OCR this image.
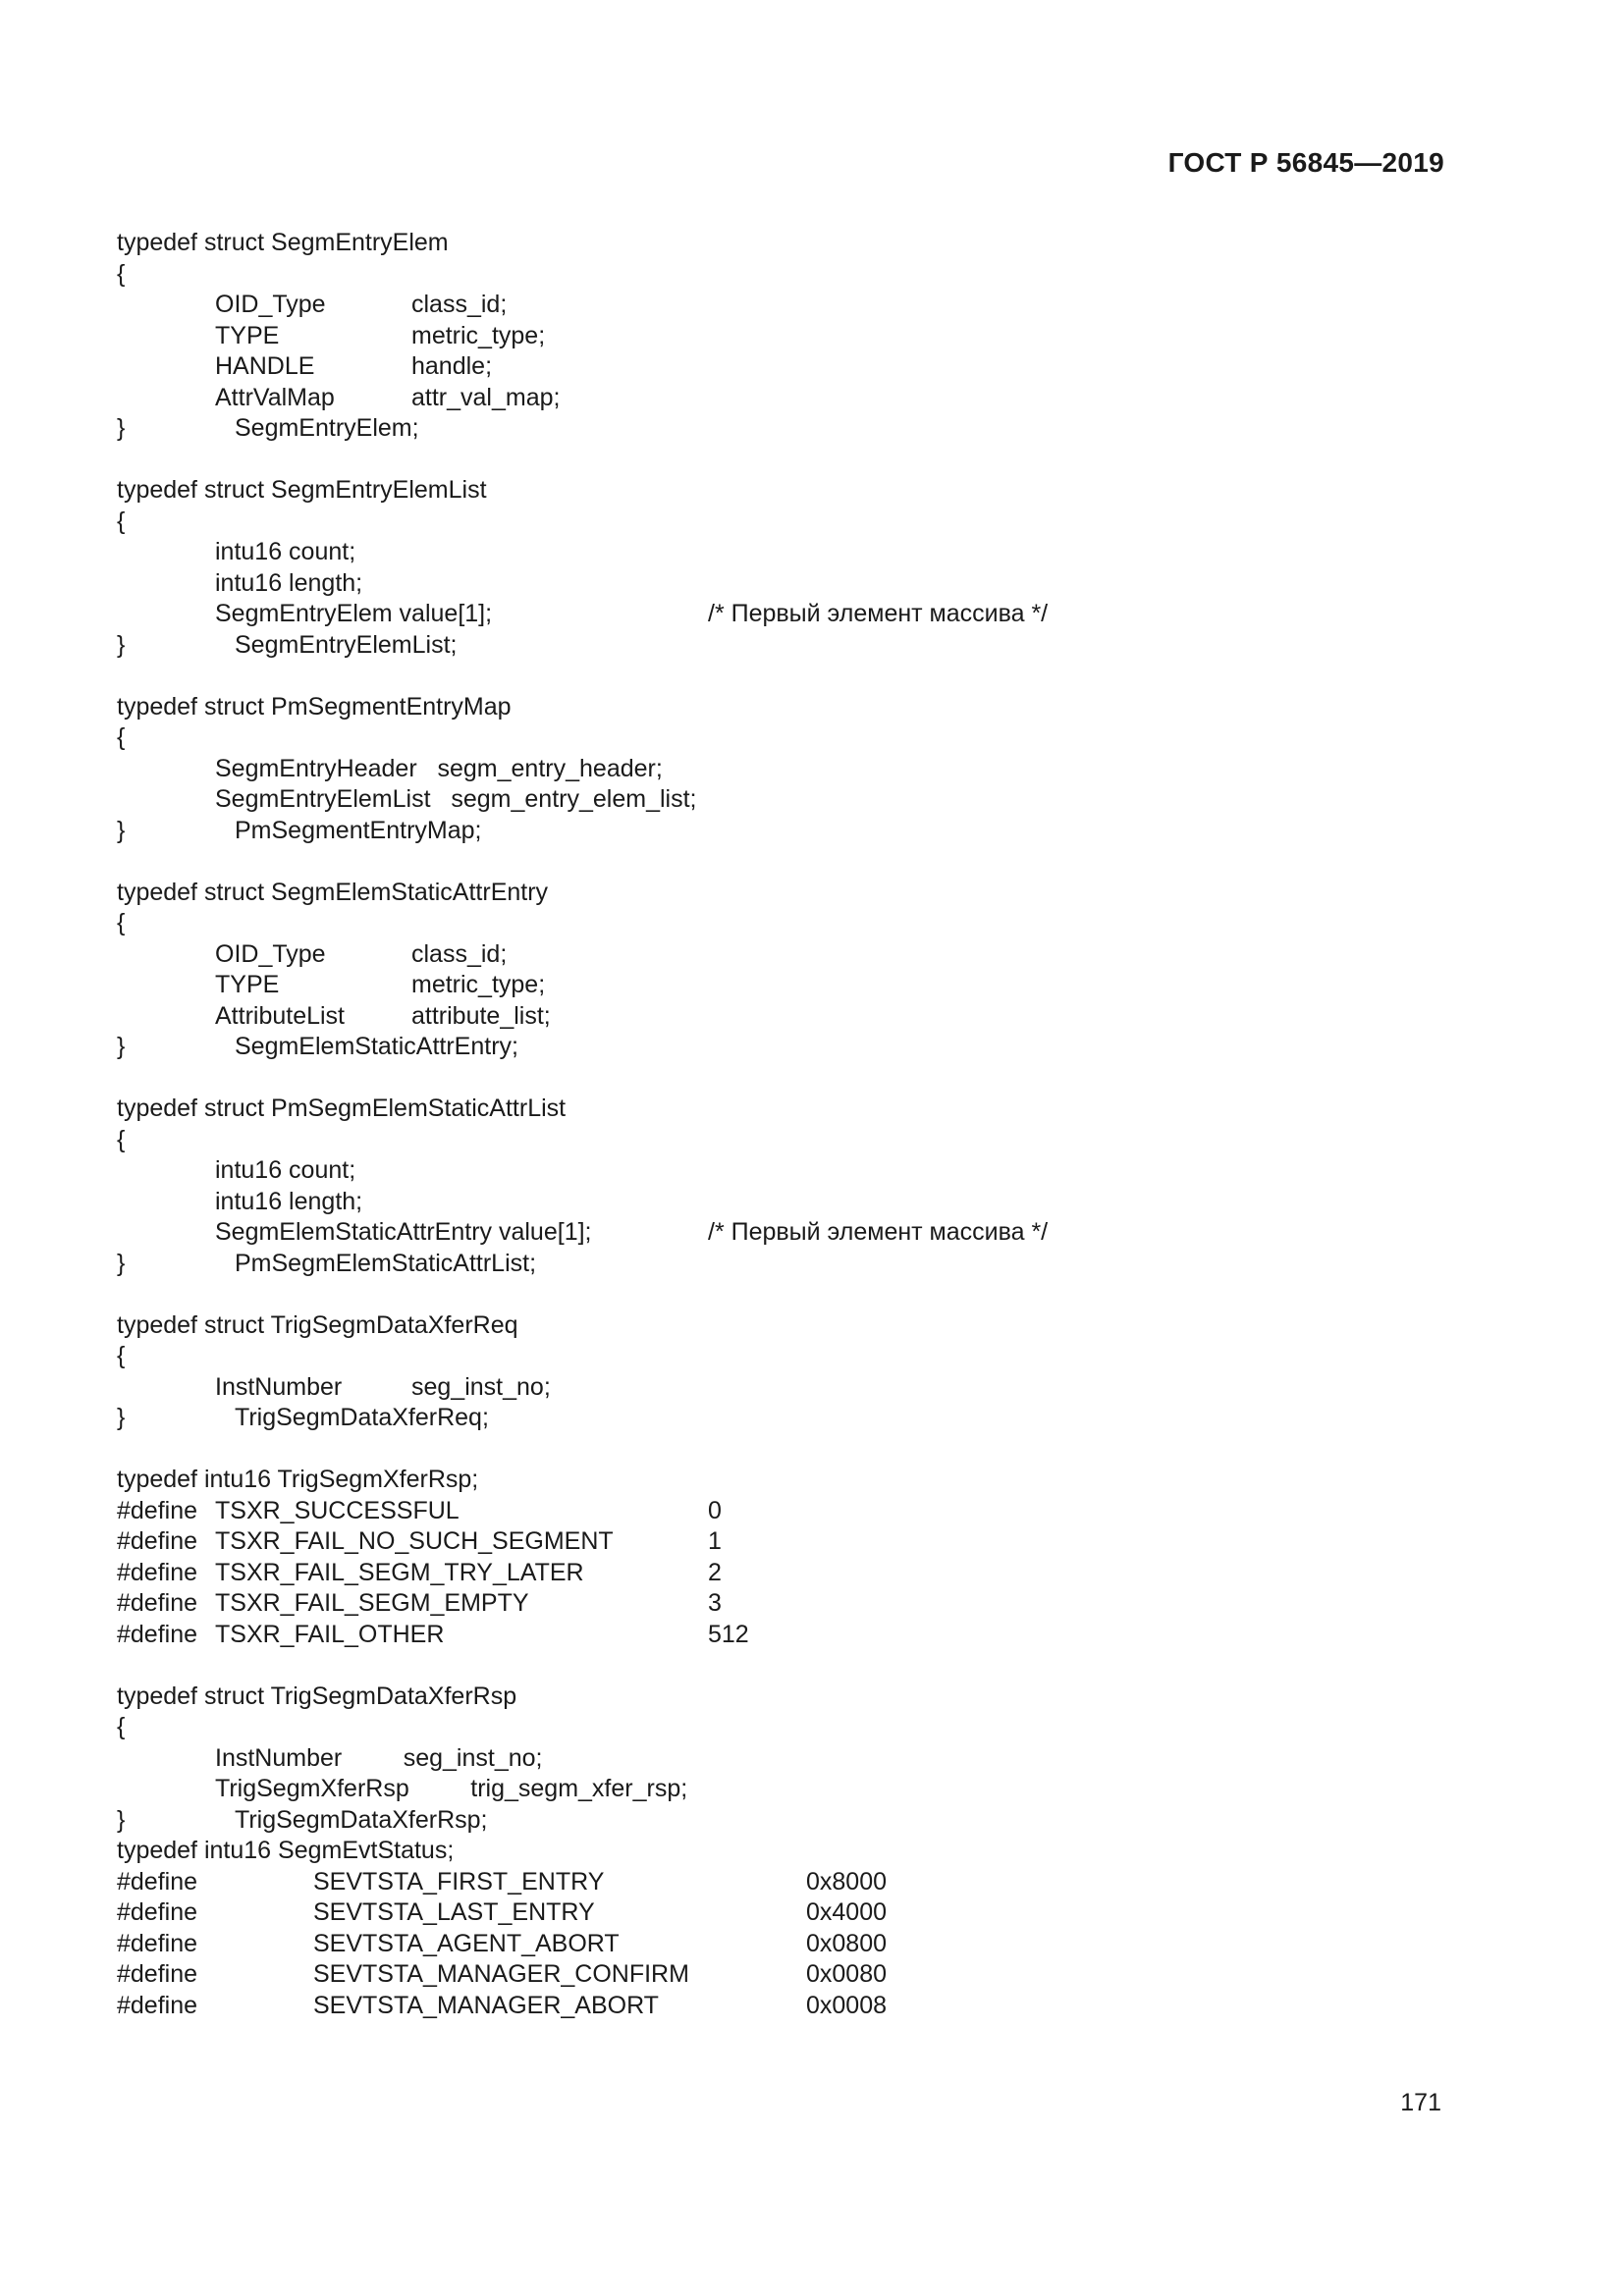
ГОСТ Р 56845—2019
typedef struct SegmEntryElem
{
OID_Type	class_id;
TYPE	metric_type;
HANDLE	handle;
AttrValMap	attr_val_map;
}	SegmEntryElem;
typedef struct SegmEntryElemList
{
intu16 count;
intu16 length;
SegmEntryElem value[1];	/* Первый элемент массива */
}	SegmEntryElemList;
typedef struct PmSegmentEntryMap
{
SegmEntryHeader   segm_entry_header;
SegmEntryElemList   segm_entry_elem_list;
}	PmSegmentEntryMap;
typedef struct SegmElemStaticAttrEntry
{
OID_Type	class_id;
TYPE	metric_type;
AttributeList	attribute_list;
}	SegmElemStaticAttrEntry;
typedef struct PmSegmElemStaticAttrList
{
intu16 count;
intu16 length;
SegmElemStaticAttrEntry value[1];	/* Первый элемент массива */
}	PmSegmElemStaticAttrList;
typedef struct TrigSegmDataXferReq
{
InstNumber	seg_inst_no;
}	TrigSegmDataXferReq;
typedef intu16 TrigSegmXferRsp;
#define TSXR_SUCCESSFUL	0
#define TSXR_FAIL_NO_SUCH_SEGMENT	1
#define TSXR_FAIL_SEGM_TRY_LATER	2
#define TSXR_FAIL_SEGM_EMPTY	3
#define TSXR_FAIL_OTHER	512
typedef struct TrigSegmDataXferRsp
{
InstNumber         seg_inst_no;
TrigSegmXferRsp         trig_segm_xfer_rsp;
}	TrigSegmDataXferRsp;
typedef intu16 SegmEvtStatus;
#define	SEVTSTA_FIRST_ENTRY	0x8000
#define	SEVTSTA_LAST_ENTRY	0x4000
#define	SEVTSTA_AGENT_ABORT	0x0800
#define	SEVTSTA_MANAGER_CONFIRM	0x0080
#define	SEVTSTA_MANAGER_ABORT	0x0008
171
